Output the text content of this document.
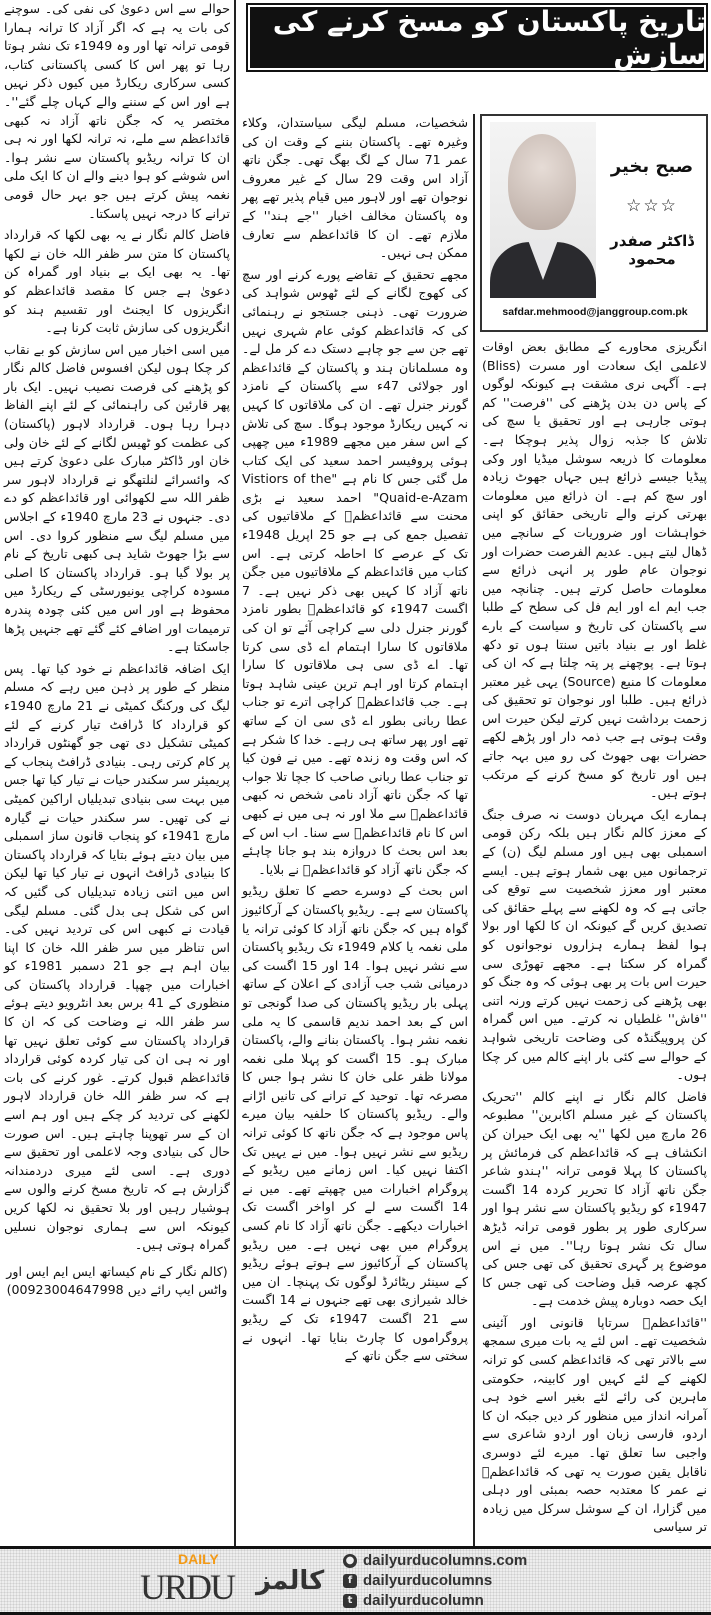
تاریخ پاکستان کو مسخ کرنے کی سازش
صبح بخیر
☆☆☆
ڈاکٹر صفدر محمود
safdar.mehmood@janggroup.com.pk

انگریزی محاورے کے مطابق بعض اوقات لاعلمی ایک سعادت اور مسرت (Bliss) ہے۔ آگہی نری مشقت ہے کیونکہ لوگوں کے پاس دن بدن پڑھنے کی ''فرصت'' کم ہوتی جارہی ہے اور تحقیق یا سچ کی تلاش کا جذبہ زوال پذیر ہوچکا ہے۔ معلومات کا ذریعہ سوشل میڈیا اور وکی پیڈیا جیسے ذرائع ہیں جہاں جھوٹ زیادہ اور سچ کم ہے۔ ان ذرائع میں معلومات بھرتی کرنے والے تاریخی حقائق کو اپنی خواہشات اور ضروریات کے سانچے میں ڈھال لیتے ہیں۔ عدیم الفرصت حضرات اور نوجوان عام طور پر انہی ذرائع سے معلومات حاصل کرتے ہیں۔ چنانچہ میں جب ایم اے اور ایم فل کی سطح کے طلبا سے پاکستان کی تاریخ و سیاست کے بارے غلط اور بے بنیاد باتیں سنتا ہوں تو دکھ ہوتا ہے۔ پوچھنے پر پتہ چلتا ہے کہ ان کی معلومات کا منبع (Source) یہی غیر معتبر ذرائع ہیں۔ طلبا اور نوجوان تو تحقیق کی زحمت برداشت نہیں کرتے لیکن حیرت اس وقت ہوتی ہے جب ذمہ دار اور پڑھے لکھے حضرات بھی جھوٹ کی رو میں بہہ جاتے ہیں اور تاریخ کو مسخ کرنے کے مرتکب ہوتے ہیں۔

ہمارے ایک مہربان دوست نہ صرف جنگ کے معزز کالم نگار ہیں بلکہ رکن قومی اسمبلی بھی ہیں اور مسلم لیگ (ن) کے ترجمانوں میں بھی شمار ہوتے ہیں۔ ایسے معتبر اور معزز شخصیت سے توقع کی جاتی ہے کہ وہ لکھنے سے پہلے حقائق کی تصدیق کریں گے کیونکہ ان کا لکھا اور بولا ہوا لفظ ہمارے ہزاروں نوجوانوں کو گمراہ کر سکتا ہے۔ مجھے تھوڑی سی حیرت اس بات پر بھی ہوئی کہ وہ جنگ کو بھی پڑھنے کی زحمت نہیں کرتے ورنہ اتنی ''فاش'' غلطیاں نہ کرتے۔ میں اس گمراہ کن پروپیگنڈہ کی وضاحت تاریخی شواہد کے حوالے سے کئی بار اپنے کالم میں کر چکا ہوں۔

فاضل کالم نگار نے اپنے کالم ''تحریک پاکستان کے غیر مسلم اکابرین'' مطبوعہ 26 مارچ میں لکھا ''یہ بھی ایک حیران کن انکشاف ہے کہ قائداعظم کی فرمائش پر پاکستان کا پہلا قومی ترانہ ''ہندو شاعر جگن ناتھ آزاد کا تحریر کردہ 14 اگست 1947ء کو ریڈیو پاکستان سے نشر ہوا اور سرکاری طور پر بطور قومی ترانہ ڈیڑھ سال تک نشر ہوتا رہا''۔ میں نے اس موضوع پر گہری تحقیق کی تھی جس کی کچھ عرصہ قبل وضاحت کی تھی جس کا ایک حصہ دوبارہ پیش خدمت ہے۔

''قائداعظمؒ سرتاپا قانونی اور آئینی شخصیت تھے۔ اس لئے یہ بات میری سمجھ سے بالاتر تھی کہ قائداعظم کسی کو ترانہ لکھنے کے لئے کہیں اور کابینہ، حکومتی ماہرین کی رائے لئے بغیر اسے خود ہی آمرانہ انداز میں منظور کر دیں جبکہ ان کا اردو، فارسی زبان اور اردو شاعری سے واجبی سا تعلق تھا۔ میرے لئے دوسری ناقابل یقین صورت یہ تھی کہ قائداعظمؒ نے عمر کا معتدبہ حصہ بمبئی اور دہلی میں گزارا، ان کے سوشل سرکل میں زیادہ تر سیاسی

شخصیات، مسلم لیگی سیاستدان، وکلاء وغیرہ تھے۔ پاکستان بننے کے وقت ان کی عمر 71 سال کے لگ بھگ تھی۔ جگن ناتھ آزاد اس وقت 29 سال کے غیر معروف نوجوان تھے اور لاہور میں قیام پذیر تھے پھر وہ پاکستان مخالف اخبار ''جے ہند'' کے ملازم تھے۔ ان کا قائداعظم سے تعارف ممکن ہی نہیں۔

مجھے تحقیق کے تقاضے پورے کرنے اور سچ کی کھوج لگانے کے لئے ٹھوس شواہد کی ضرورت تھی۔ ذہنی جستجو نے رہنمائی کی کہ قائداعظم کوئی عام شہری نہیں تھے جن سے جو چاہے دستک دے کر مل لے۔ وہ مسلمانان ہند و پاکستان کے قائداعظم اور جولائی 47ء سے پاکستان کے نامزد گورنر جنرل تھے۔ ان کی ملاقاتوں کا کہیں نہ کہیں ریکارڈ موجود ہوگا۔ سچ کی تلاش کے اس سفر میں مجھے 1989ء میں چھپی ہوئی پروفیسر احمد سعید کی ایک کتاب مل گئی جس کا نام ہے "Vistiors of the Quaid-e-Azam" احمد سعید نے بڑی محنت سے قائداعظمؒ کے ملاقاتیوں کی تفصیل جمع کی ہے جو 25 اپریل 1948ء تک کے عرصے کا احاطہ کرتی ہے۔ اس کتاب میں قائداعظم کے ملاقاتیوں میں جگن ناتھ آزاد کا کہیں بھی ذکر نہیں ہے۔ 7 اگست 1947ء کو قائداعظمؒ بطور نامزد گورنر جنرل دلی سے کراچی آئے تو ان کی ملاقاتوں کا سارا اہتمام اے ڈی سی کرتا تھا۔ اے ڈی سی ہی ملاقاتوں کا سارا اہتمام کرتا اور اہم ترین عینی شاہد ہوتا ہے۔ جب قائداعظمؒ کراچی اترے تو جناب عطا ربانی بطور اے ڈی سی ان کے ساتھ تھے اور پھر ساتھ ہی رہے۔ خدا کا شکر ہے کہ اس وقت وہ زندہ تھے۔ میں نے فون کیا تو جناب عطا ربانی صاحب کا جچا تلا جواب تھا کہ جگن ناتھ آزاد نامی شخص نہ کبھی قائداعظمؒ سے ملا اور نہ ہی میں نے کبھی اس کا نام قائداعظمؒ سے سنا۔ اب اس کے بعد اس بحث کا دروازہ بند ہو جانا چاہئے کہ جگن ناتھ آزاد کو قائداعظمؒ نے بلایا۔

اس بحث کے دوسرے حصے کا تعلق ریڈیو پاکستان سے ہے۔ ریڈیو پاکستان کے آرکائیوز گواہ ہیں کہ جگن ناتھ آزاد کا کوئی ترانہ یا ملی نغمہ یا کلام 1949ء تک ریڈیو پاکستان سے نشر نہیں ہوا۔ 14 اور 15 اگست کی درمیانی شب جب آزادی کے اعلان کے ساتھ پہلی بار ریڈیو پاکستان کی صدا گونجی تو اس کے بعد احمد ندیم قاسمی کا یہ ملی نغمہ نشر ہوا۔ پاکستان بنانے والے، پاکستان مبارک ہو۔ 15 اگست کو پہلا ملی نغمہ مولانا ظفر علی خان کا نشر ہوا جس کا مصرعہ تھا۔ توحید کے ترانے کی تانیں اڑانے والے۔ ریڈیو پاکستان کا حلفیہ بیان میرے پاس موجود ہے کہ جگن ناتھ کا کوئی ترانہ ریڈیو سے نشر نہیں ہوا۔ میں نے یہیں تک اکتفا نہیں کیا۔ اس زمانے میں ریڈیو کے پروگرام اخبارات میں چھپتے تھے۔ میں نے 14 اگست سے لے کر اواخر اگست تک اخبارات دیکھے۔ جگن ناتھ آزاد کا نام کسی پروگرام میں بھی نہیں ہے۔ میں ریڈیو پاکستان کے آرکائیوز سے ہوتے ہوئے ریڈیو کے سینئر ریٹائرڈ لوگوں تک پہنچا۔ ان میں خالد شیرازی بھی تھے جنہوں نے 14 اگست سے 21 اگست 1947ء تک کے ریڈیو پروگراموں کا چارٹ بنایا تھا۔ انہوں نے سختی سے جگن ناتھ کے

حوالے سے اس دعویٰ کی نفی کی۔ سوچنے کی بات یہ ہے کہ اگر آزاد کا ترانہ ہمارا قومی ترانہ تھا اور وہ 1949ء تک نشر ہوتا رہا تو پھر اس کا کسی پاکستانی کتاب، کسی سرکاری ریکارڈ میں کیوں ذکر نہیں ہے اور اس کے سننے والے کہاں چلے گئے''۔ مختصر یہ کہ جگن ناتھ آزاد نہ کبھی قائداعظم سے ملے، نہ ترانہ لکھا اور نہ ہی ان کا ترانہ ریڈیو پاکستان سے نشر ہوا۔ اس شوشے کو ہوا دینے والے ان کا ایک ملی نغمہ پیش کرتے ہیں جو بہر حال قومی ترانے کا درجہ نہیں پاسکتا۔

فاضل کالم نگار نے یہ بھی لکھا کہ قرارداد پاکستان کا متن سر ظفر اللہ خان نے لکھا تھا۔ یہ بھی ایک بے بنیاد اور گمراہ کن دعویٰ ہے جس کا مقصد قائداعظم کو انگریزوں کا ایجنٹ اور تقسیم ہند کو انگریزوں کی سازش ثابت کرنا ہے۔

میں اسی اخبار میں اس سازش کو بے نقاب کر چکا ہوں لیکن افسوس فاضل کالم نگار کو پڑھنے کی فرصت نصیب نہیں۔ ایک بار پھر قارئین کی راہنمائی کے لئے اپنے الفاظ دہرا رہا ہوں۔ قرارداد لاہور (پاکستان) کی عظمت کو ٹھیس لگانے کے لئے خان ولی خان اور ڈاکٹر مبارک علی دعویٰ کرتے ہیں کہ وائسرائے لنلتھگو نے قرارداد لاہور سر ظفر اللہ سے لکھوائی اور قائداعظم کو دے دی۔ جنہوں نے 23 مارچ 1940ء کے اجلاس میں مسلم لیگ سے منظور کروا دی۔ اس سے بڑا جھوٹ شاید ہی کبھی تاریخ کے نام پر بولا گیا ہو۔ قرارداد پاکستان کا اصلی مسودہ کراچی یونیورسٹی کے ریکارڈ میں محفوظ ہے اور اس میں کئی چودہ پندرہ ترمیمات اور اضافے کئے گئے تھے جنہیں پڑھا جاسکتا ہے۔

ایک اضافہ قائداعظم نے خود کیا تھا۔ پس منظر کے طور پر ذہن میں رہے کہ مسلم لیگ کی ورکنگ کمیٹی نے 21 مارچ 1940ء کو قرارداد کا ڈرافٹ تیار کرنے کے لئے کمیٹی تشکیل دی تھی جو گھنٹوں قرارداد پر کام کرتی رہی۔ بنیادی ڈرافٹ پنجاب کے پریمیئر سر سکندر حیات نے تیار کیا تھا جس میں بہت سی بنیادی تبدیلیاں اراکین کمیٹی نے کی تھیں۔ سر سکندر حیات نے گیارہ مارچ 1941ء کو پنجاب قانون ساز اسمبلی میں بیان دیتے ہوئے بتایا کہ قرارداد پاکستان کا بنیادی ڈرافٹ انہوں نے تیار کیا تھا لیکن اس میں اتنی زیادہ تبدیلیاں کی گئیں کہ اس کی شکل ہی بدل گئی۔ مسلم لیگی قیادت نے کبھی اس کی تردید نہیں کی۔ اس تناظر میں سر ظفر اللہ خان کا اپنا بیان اہم ہے جو 21 دسمبر 1981ء کو اخبارات میں چھپا۔ قرارداد پاکستان کی منظوری کے 41 برس بعد انٹرویو دیتے ہوئے سر ظفر اللہ نے وضاحت کی کہ ان کا قرارداد پاکستان سے کوئی تعلق نہیں تھا اور نہ ہی ان کی تیار کردہ کوئی قرارداد قائداعظم قبول کرتے۔ غور کرنے کی بات ہے کہ سر ظفر اللہ خان قرارداد لاہور لکھنے کی تردید کر چکے ہیں اور ہم اسے ان کے سر تھوپنا چاہتے ہیں۔ اس صورت حال کی بنیادی وجہ لاعلمی اور تحقیق سے دوری ہے۔ اسی لئے میری دردمندانہ گزارش ہے کہ تاریخ مسخ کرنے والوں سے ہوشیار رہیں اور بلا تحقیق نہ لکھا کریں کیونکہ اس سے ہماری نوجوان نسلیں گمراہ ہوتی ہیں۔

(کالم نگار کے نام کیساتھ ایس ایم ایس اور واٹس ایپ رائے دیں 00923004647998)

DAILY
URDU کالمز
● dailyurducolumns.com
f dailyurducolumns
t dailyurducolumn
